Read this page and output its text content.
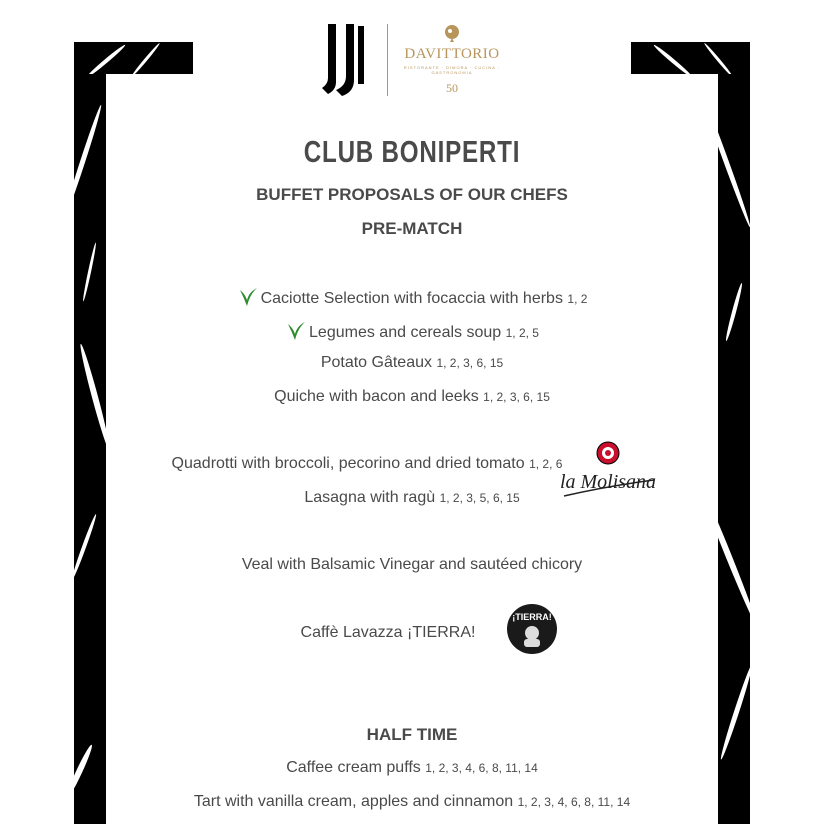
DAVITTORIO
RISTORANTE · DIMORA · CUCINA · GASTRONOMIA
50
CLUB BONIPERTI
BUFFET PROPOSALS OF OUR CHEFS
PRE-MATCH
Caciotte Selection with focaccia with herbs 1, 2
Legumes and cereals soup 1, 2, 5
Potato Gâteaux 1, 2, 3, 6, 15
Quiche with bacon and leeks 1, 2, 3, 6, 15
Quadrotti with broccoli, pecorino and dried tomato 1, 2, 6
Lasagna with ragù 1, 2, 3, 5, 6, 15
Veal with Balsamic Vinegar and sautéed chicory
Caffè Lavazza ¡TIERRA!
la Molisana
¡TIERRA!
HALF TIME
Caffee cream puffs 1, 2, 3, 4, 6, 8, 11, 14
Tart with vanilla cream, apples and cinnamon 1, 2, 3, 4, 6, 8, 11, 14
